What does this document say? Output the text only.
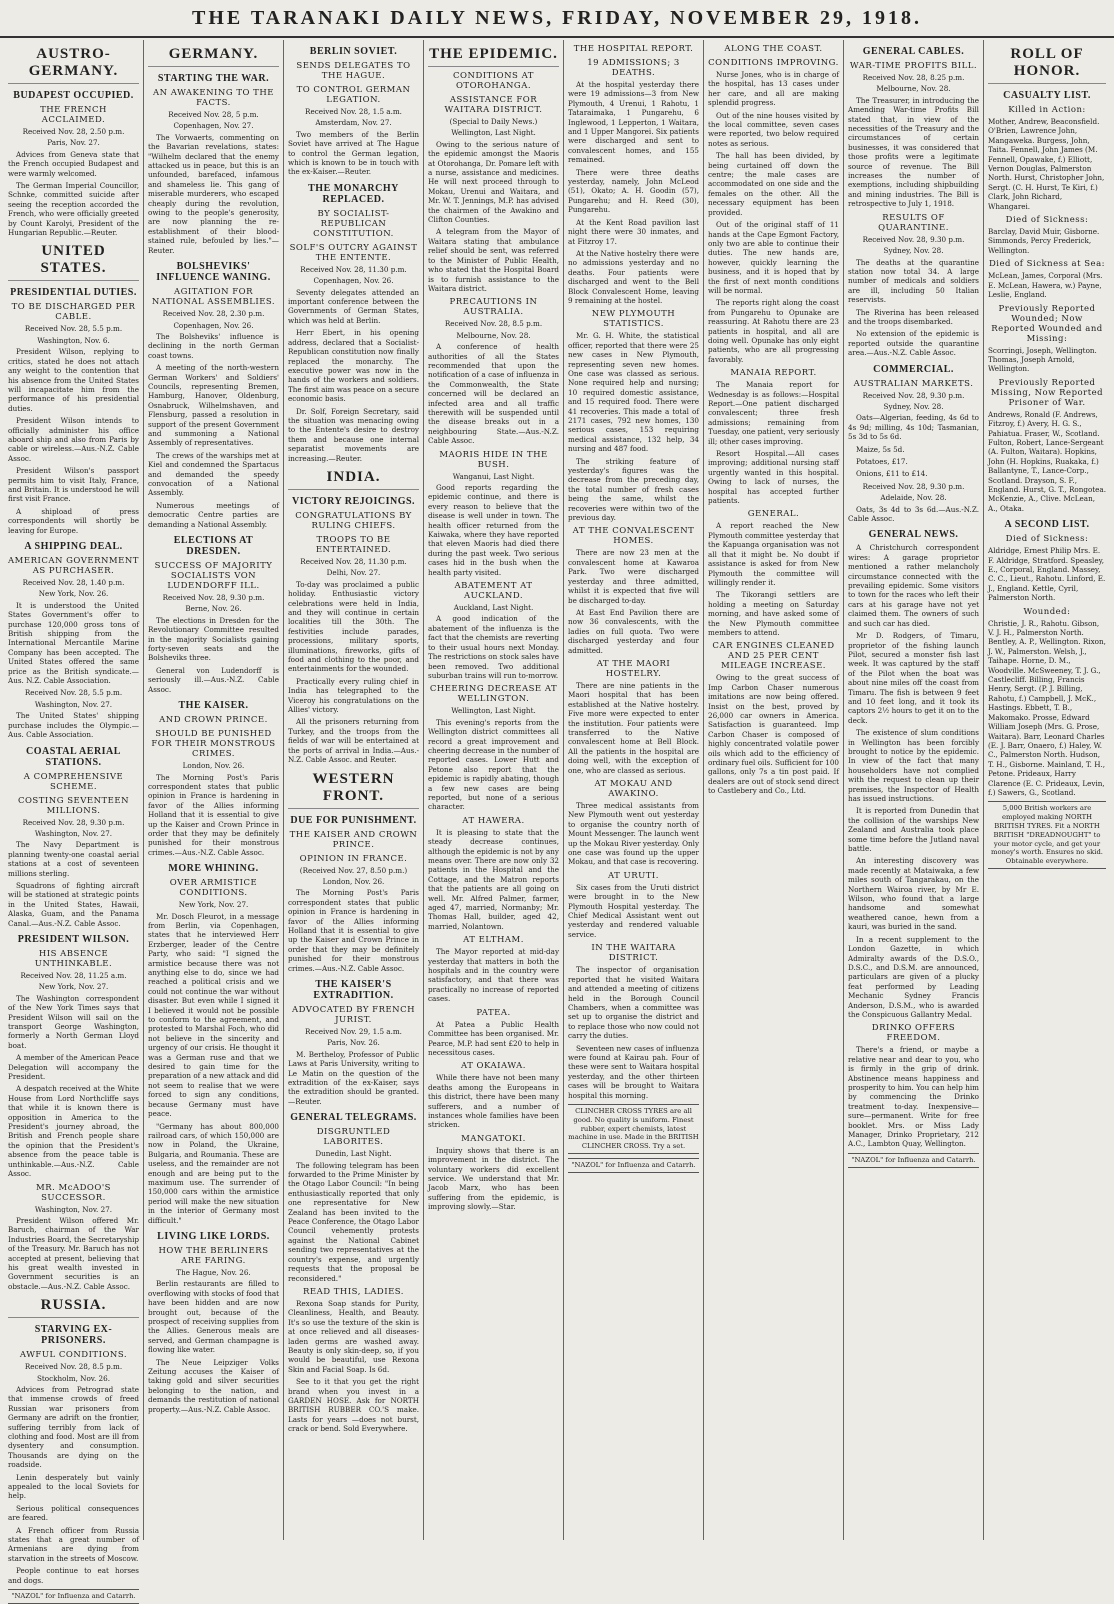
THE TARANAKI DAILY NEWS, FRIDAY, NOVEMBER 29, 1918.
AUSTRO-GERMANY.
BUDAPEST OCCUPIED.
THE FRENCH ACCLAIMED.
Received Nov. 28, 2.50 p.m.
Paris, Nov. 27.
Advices from Geneva state that the French occupied Budapest and were warmly welcomed.
The German Imperial Councillor, Schnke, committed suicide after seeing the reception accorded the French, who were officially greeted by Count Karolyi, President of the Hungarian Republic.—Reuter.
UNITED STATES.
PRESIDENTIAL DUTIES.
TO BE DISCHARGED PER CABLE.
Received Nov. 28, 5.5 p.m.
Washington, Nov. 6.
President Wilson, replying to critics, stated he does not attach any weight to the contention that his absence from the United States will incapacitate him from the performance of his presidential duties.
President Wilson intends to officially administer his office aboard ship and also from Paris by cable or wireless.—Aus.-N.Z. Cable Assoc.
President Wilson's passport permits him to visit Italy, France, and Britain. It is understood he will first visit France.
A shipload of press correspondents will shortly be leaving for Europe.
A SHIPPING DEAL.
AMERICAN GOVERNMENT AS PURCHASER.
Received Nov. 28, 1.40 p.m.
New York, Nov. 26.
It is understood the United States Government's offer to purchase 120,000 gross tons of British shipping from the International Mercantile Marine Company has been accepted. The United States offered the same price as the British syndicate.—Aus. N.Z. Cable Association.
Received Nov. 28, 5.5 p.m.
Washington, Nov. 27.
The United States' shipping purchase includes the Olympic.—Aus. Cable Association.
COASTAL AERIAL STATIONS.
A COMPREHENSIVE SCHEME.
COSTING SEVENTEEN MILLIONS.
Received Nov. 28, 9.30 p.m.
Washington, Nov. 27.
The Navy Department is planning twenty-one coastal aerial stations at a cost of seventeen millions sterling.
Squadrons of fighting aircraft will be stationed at strategic points in the United States, Hawaii, Alaska, Guam, and the Panama Canal.—Aus.-N.Z. Cable Assoc.
PRESIDENT WILSON.
HIS ABSENCE UNTHINKABLE.
Received Nov. 28, 11.25 a.m.
New York, Nov. 27.
The Washington correspondent of the New York Times says that President Wilson will sail on the transport George Washington, formerly a North German Lloyd boat.
A member of the American Peace Delegation will accompany the President.
A despatch received at the White House from Lord Northcliffe says that while it is known there is opposition in America to the President's journey abroad, the British and French people share the opinion that the President's absence from the peace table is unthinkable.—Aus.-N.Z. Cable Assoc.
MR. McADOO'S SUCCESSOR.
Washington, Nov. 27.
President Wilson offered Mr. Baruch, chairman of the War Industries Board, the Secretaryship of the Treasury. Mr. Baruch has not accepted at present, believing that his great wealth invested in Government securities is an obstacle.—Aus.-N.Z. Cable Assoc.
RUSSIA.
STARVING EX-PRISONERS.
AWFUL CONDITIONS.
Received Nov. 28, 8.5 p.m.
Stockholm, Nov. 26.
Advices from Petrograd state that immense crowds of freed Russian war prisoners from Germany are adrift on the frontier, suffering terribly from lack of clothing and food. Most are ill from dysentery and consumption. Thousands are dying on the roadside.
Lenin desperately but vainly appealed to the local Soviets for help.
Serious political consequences are feared.
A French officer from Russia states that a great number of Armenians are dying from starvation in the streets of Moscow.
People continue to eat horses and dogs.
"NAZOL" for Influenza and Catarrh.
GERMANY.
STARTING THE WAR.
AN AWAKENING TO THE FACTS.
Received Nov. 28, 5 p.m.
Copenhagen, Nov. 27.
The Vorwaerts, commenting on the Bavarian revelations, states: "Wilhelm declared that the enemy attacked us in peace, but this is an unfounded, barefaced, infamous and shameless lie. This gang of miserable murderers, who escaped cheaply during the revolution, owing to the people's generosity, are now planning the re-establishment of their blood-stained rule, befouled by lies."—Reuter.
BOLSHEVIKS' INFLUENCE WANING.
AGITATION FOR NATIONAL ASSEMBLIES.
Received Nov. 28, 2.30 p.m.
Copenhagen, Nov. 26.
The Bolsheviks' influence is declining in the north German coast towns.
A meeting of the north-western German Workers' and Soldiers' Councils, representing Bremen, Hamburg, Hanover, Oldenburg, Osnabruck, Wilhelmshaven, and Flensburg, passed a resolution in support of the present Government and summoning a National Assembly of representatives.
The crews of the warships met at Kiel and condemned the Spartacus and demanded the speedy convocation of a National Assembly.
Numerous meetings of democratic Centre parties are demanding a National Assembly.
ELECTIONS AT DRESDEN.
SUCCESS OF MAJORITY SOCIALISTS VON LUDENDORFF ILL.
Received Nov. 28, 9.30 p.m.
Berne, Nov. 26.
The elections in Dresden for the Revolutionary Committee resulted in the majority Socialists gaining forty-seven seats and the Bolsheviks three.
General von Ludendorff is seriously ill.—Aus.-N.Z. Cable Assoc.
THE KAISER.
AND CROWN PRINCE.
SHOULD BE PUNISHED FOR THEIR MONSTROUS CRIMES.
London, Nov. 26.
The Morning Post's Paris correspondent states that public opinion in France is hardening in favor of the Allies informing Holland that it is essential to give up the Kaiser and Crown Prince in order that they may be definitely punished for their monstrous crimes.—Aus.-N.Z. Cable Assoc.
MORE WHINING.
OVER ARMISTICE CONDITIONS.
New York, Nov. 27.
Mr. Dosch Fleurot, in a message from Berlin, via Copenhagen, states that he interviewed Herr Erzberger, leader of the Centre Party, who said: "I signed the armistice because there was not anything else to do, since we had reached a political crisis and we could not continue the war without disaster. But even while I signed it I believed it would not be possible to conform to the agreement, and protested to Marshal Foch, who did not believe in the sincerity and urgency of our crisis. He thought it was a German ruse and that we desired to gain time for the preparation of a new attack and did not seem to realise that we were forced to sign any conditions, because Germany must have peace.
"Germany has about 800,000 railroad cars, of which 150,000 are now in Poland, the Ukraine, Bulgaria, and Roumania. These are useless, and the remainder are not enough and are being put to the maximum use. The surrender of 150,000 cars within the armistice period will make the new situation in the interior of Germany most difficult."
LIVING LIKE LORDS.
HOW THE BERLINERS ARE FARING.
The Hague, Nov. 26.
Berlin restaurants are filled to overflowing with stocks of food that have been hidden and are now brought out, because of the prospect of receiving supplies from the Allies. Generous meals are served, and German champagne is flowing like water.
The Neue Leipziger Volks Zeitung accuses the Kaiser of taking gold and silver securities belonging to the nation, and demands the restitution of national property.—Aus.-N.Z. Cable Assoc.
BERLIN SOVIET.
SENDS DELEGATES TO THE HAGUE.
TO CONTROL GERMAN LEGATION.
Received Nov. 28, 1.5 a.m.
Amsterdam, Nov. 27.
Two members of the Berlin Soviet have arrived at The Hague to control the German legation, which is known to be in touch with the ex-Kaiser.—Reuter.
THE MONARCHY REPLACED.
BY SOCIALIST-REPUBLICAN CONSTITUTION.
SOLF'S OUTCRY AGAINST THE ENTENTE.
Received Nov. 28, 11.30 p.m.
Copenhagen, Nov. 26.
Seventy delegates attended an important conference between the Governments of German States, which was held at Berlin.
Herr Ebert, in his opening address, declared that a Socialist-Republican constitution now finally replaced the monarchy. The executive power was now in the hands of the workers and soldiers. The first aim was peace on a secure economic basis.
Dr. Solf, Foreign Secretary, said the situation was menacing owing to the Entente's desire to destroy them and because one internal separatist movements are increasing.—Reuter.
INDIA.
VICTORY REJOICINGS.
CONGRATULATIONS BY RULING CHIEFS.
TROOPS TO BE ENTERTAINED.
Received Nov. 28, 11.30 p.m.
Delhi, Nov. 27.
To-day was proclaimed a public holiday. Enthusiastic victory celebrations were held in India, and they will continue in certain localities till the 30th. The festivities include parades, processions, military sports, illuminations, fireworks, gifts of food and clothing to the poor, and entertainments for the wounded.
Practically every ruling chief in India has telegraphed to the Viceroy his congratulations on the Allies' victory.
All the prisoners returning from Turkey, and the troops from the fields of war will be entertained at the ports of arrival in India.—Aus.-N.Z. Cable Assoc. and Reuter.
WESTERN FRONT.
DUE FOR PUNISHMENT.
THE KAISER AND CROWN PRINCE.
OPINION IN FRANCE.
(Received Nov. 27, 8.50 p.m.)
London, Nov. 26.
The Morning Post's Paris correspondent states that public opinion in France is hardening in favor of the Allies informing Holland that it is essential to give up the Kaiser and Crown Prince in order that they may be definitely punished for their monstrous crimes.—Aus.-N.Z. Cable Assoc.
THE KAISER'S EXTRADITION.
ADVOCATED BY FRENCH JURIST.
Received Nov. 29, 1.5 a.m.
Paris, Nov. 26.
M. Bertheloy, Professor of Public Laws at Paris University, writing to Le Matin on the question of the extradition of the ex-Kaiser, says the extradition should be granted.—Reuter.
GENERAL TELEGRAMS.
DISGRUNTLED LABORITES.
Dunedin, Last Night.
The following telegram has been forwarded to the Prime Minister by the Otago Labor Council: "In being enthusiastically reported that only one representative for New Zealand has been invited to the Peace Conference, the Otago Labor Council vehemently protests against the National Cabinet sending two representatives at the country's expense, and urgently requests that the proposal be reconsidered."
READ THIS, LADIES.
Rexona Soap stands for Purity, Cleanliness, Health, and Beauty. It's so use the texture of the skin is at once relieved and all diseases-laden germs are washed away. Beauty is only skin-deep, so, if you would be beautiful, use Rexona Skin and Facial Soap. Is 6d.
See to it that you get the right brand when you invest in a GARDEN HOSE. Ask for NORTH BRITISH RUBBER CO.'S make. Lasts for years —does not burst, crack or bend. Sold Everywhere.
THE EPIDEMIC.
CONDITIONS AT OTOROHANGA.
ASSISTANCE FOR WAITARA DISTRICT.
(Special to Daily News.)
Wellington, Last Night.
Owing to the serious nature of the epidemic amongst the Maoris at Otorohanga, Dr. Pomare left with a nurse, assistance and medicines. He will next proceed through to Mokau, Urenui and Waitara, and Mr. W. T. Jennings, M.P. has advised the chairmen of the Awakino and Clifton Counties.
A telegram from the Mayor of Waitara stating that ambulance relief should be sent, was referred to the Minister of Public Health, who stated that the Hospital Board is to furnish assistance to the Waitara district.
PRECAUTIONS IN AUSTRALIA.
Received Nov. 28, 8.5 p.m.
Melbourne, Nov. 28.
A conference of health authorities of all the States recommended that upon the notification of a case of influenza in the Commonwealth, the State concerned will be declared an infected area and all traffic therewith will be suspended until the disease breaks out in a neighbouring State.—Aus.-N.Z. Cable Assoc.
MAORIS HIDE IN THE BUSH.
Wanganui, Last Night.
Good reports regarding the epidemic continue, and there is every reason to believe that the disease is well under in town. The health officer returned from the Kaiwaka, where they have reported that eleven Maoris had died there during the past week. Two serious cases hid in the bush when the health party visited.
ABATEMENT AT AUCKLAND.
Auckland, Last Night.
A good indication of the abatement of the influenza is the fact that the chemists are reverting to their usual hours next Monday. The restrictions on stock sales have been removed. Two additional suburban trains will run to-morrow.
CHEERING DECREASE AT WELLINGTON.
Wellington, Last Night.
This evening's reports from the Wellington district committees all record a great improvement and cheering decrease in the number of reported cases. Lower Hutt and Petone also report that the epidemic is rapidly abating, though a few new cases are being reported, but none of a serious character.
AT HAWERA.
It is pleasing to state that the steady decrease continues, although the epidemic is not by any means over. There are now only 32 patients in the Hospital and the Cottage, and the Matron reports that the patients are all going on well. Mr. Alfred Palmer, farmer, aged 47, married, Normanby; Mr. Thomas Hall, builder, aged 42, married, Nolantown.
AT ELTHAM.
The Mayor reported at mid-day yesterday that matters in both the hospitals and in the country were satisfactory, and that there was practically no increase of reported cases.
PATEA.
At Patea a Public Health Committee has been organised. Mr. Pearce, M.P. had sent £20 to help in necessitous cases.
AT OKAIAWA.
While there have not been many deaths among the Europeans in this district, there have been many sufferers, and a number of instances whole families have been stricken.
MANGATOKI.
Inquiry shows that there is an improvement in the district. The voluntary workers did excellent service. We understand that Mr. Jacob Marx, who has been suffering from the epidemic, is improving slowly.—Star.
THE HOSPITAL REPORT.
19 ADMISSIONS; 3 DEATHS.
At the hospital yesterday there were 19 admissions—3 from New Plymouth, 4 Urenui, 1 Rahotu, 1 Tataraimaka, 1 Pungarehu, 6 Inglewood, 1 Lepperton, 1 Waitara, and 1 Upper Mangorei. Six patients were discharged and sent to convalescent homes, and 155 remained.
There were three deaths yesterday, namely, John McLeod (51), Okato; A. H. Goodin (57), Pungarehu; and H. Reed (30), Pungarehu.
At the Kent Road pavilion last night there were 30 inmates, and at Fitzroy 17.
At the Native hostelry there were no admissions yesterday and no deaths. Four patients were discharged and went to the Bell Block Convalescent Home, leaving 9 remaining at the hostel.
NEW PLYMOUTH STATISTICS.
Mr. G. H. White, the statistical officer, reported that there were 25 new cases in New Plymouth, representing seven new homes. One case was classed as serious. None required help and nursing; 10 required domestic assistance, and 15 required food. There were 41 recoveries. This made a total of 2171 cases, 792 new homes, 130 serious cases, 153 requiring medical assistance, 132 help, 34 nursing and 487 food.
The striking feature of yesterday's figures was the decrease from the preceding day, the total number of fresh cases being the same, whilst the recoveries were within two of the previous day.
AT THE CONVALESCENT HOMES.
There are now 23 men at the convalescent home at Kawaroa Park. Two were discharged yesterday and three admitted, whilst it is expected that five will be discharged to-day.
At East End Pavilion there are now 36 convalescents, with the ladies on full quota. Two were discharged yesterday and four admitted.
AT THE MAORI HOSTELRY.
There are nine patients in the Maori hospital that has been established at the Native hostelry. Five more were expected to enter the institution. Four patients were transferred to the Native convalescent home at Bell Block. All the patients in the hospital are doing well, with the exception of one, who are classed as serious.
AT MOKAU AND AWAKINO.
Three medical assistants from New Plymouth went out yesterday to organise the country north of Mount Messenger. The launch went up the Mokau River yesterday. Only one case was found up the upper Mokau, and that case is recovering.
AT URUTI.
Six cases from the Uruti district were brought in to the New Plymouth Hospital yesterday. The Chief Medical Assistant went out yesterday and rendered valuable service.
IN THE WAITARA DISTRICT.
The inspector of organisation reported that he visited Waitara and attended a meeting of citizens held in the Borough Council Chambers, when a committee was set up to organise the district and to replace those who now could not carry the duties.
Seventeen new cases of influenza were found at Kairau pah. Four of these were sent to Waitara hospital yesterday, and the other thirteen cases will be brought to Waitara hospital this morning.
CLINCHER CROSS TYRES are all good. No quality is uniform. Finest rubber, expert chemists, latest machine in use. Made in the BRITISH CLINCHER CROSS. Try a set.
"NAZOL" for Influenza and Catarrh.
ALONG THE COAST.
CONDITIONS IMPROVING.
Nurse Jones, who is in charge of the hospital, has 13 cases under her care, and all are making splendid progress.
Out of the nine houses visited by the local committee, seven cases were reported, two below required notes as serious.
The hall has been divided, by being curtained off down the centre; the male cases are accommodated on one side and the females on the other. All the necessary equipment has been provided.
Out of the original staff of 11 hands at the Cape Egmont Factory, only two are able to continue their duties. The new hands are, however, quickly learning the business, and it is hoped that by the first of next month conditions will be normal.
The reports right along the coast from Pungarehu to Opunake are reassuring. At Rahotu there are 23 patients in hospital, and all are doing well. Opunake has only eight patients, who are all progressing favorably.
MANAIA REPORT.
The Manaia report for Wednesday is as follows:—Hospital Report.—One patient discharged convalescent; three fresh admissions; remaining from Tuesday, one patient, very seriously ill; other cases improving.
Resort Hospital.—All cases improving; additional nursing staff urgently wanted in this hospital. Owing to lack of nurses, the hospital has accepted further patients.
GENERAL.
A report reached the New Plymouth committee yesterday that the Kapuanga organisation was not all that it might be. No doubt if assistance is asked for from New Plymouth the committee will willingly render it.
The Tikorangi settlers are holding a meeting on Saturday morning, and have asked some of the New Plymouth committee members to attend.
CAR ENGINES CLEANED AND 25 PER CENT MILEAGE INCREASE.
Owing to the great success of Imp Carbon Chaser numerous imitations are now being offered. Insist on the best, proved by 26,000 car owners in America. Satisfaction is guaranteed. Imp Carbon Chaser is composed of highly concentrated volatile power oils which add to the efficiency of ordinary fuel oils. Sufficient for 100 gallons, only 7s a tin post paid. If dealers are out of stock send direct to Castlebery and Co., Ltd.
GENERAL CABLES.
WAR-TIME PROFITS BILL.
Received Nov. 28, 8.25 p.m.
Melbourne, Nov. 28.
The Treasurer, in introducing the Amending War-time Profits Bill stated that, in view of the necessities of the Treasury and the circumstances of certain businesses, it was considered that those profits were a legitimate source of revenue. The Bill increases the number of exemptions, including shipbuilding and mining industries. The Bill is retrospective to July 1, 1918.
RESULTS OF QUARANTINE.
Received Nov. 28, 9.30 p.m.
Sydney, Nov. 28.
The deaths at the quarantine station now total 34. A large number of medicals and soldiers are ill, including 50 Italian reservists.
The Riverina has been released and the troops disembarked.
No extension of the epidemic is reported outside the quarantine area.—Aus.-N.Z. Cable Assoc.
COMMERCIAL.
AUSTRALIAN MARKETS.
Received Nov. 28, 9.30 p.m.
Sydney, Nov. 28.
Oats—Algerian, feeding, 4s 6d to 4s 9d; milling, 4s 10d; Tasmanian, 5s 3d to 5s 6d.
Maize, 5s 5d.
Potatoes, £17.
Onions, £11 to £14.
Received Nov. 28, 9.30 p.m.
Adelaide, Nov. 28.
Oats, 3s 4d to 3s 6d.—Aus.-N.Z. Cable Assoc.
GENERAL NEWS.
A Christchurch correspondent wires: A garage proprietor mentioned a rather melancholy circumstance connected with the prevailing epidemic. Some visitors to town for the races who left their cars at his garage have not yet claimed them. The owners of such and such car has died.
Mr D. Rodgers, of Timaru, proprietor of the fishing launch Pilot, secured a monster fish last week. It was captured by the staff of the Pilot when the boat was about nine miles off the coast from Timaru. The fish is between 9 feet and 10 feet long, and it took its captors 2½ hours to get it on to the deck.
The existence of slum conditions in Wellington has been forcibly brought to notice by the epidemic. In view of the fact that many householders have not complied with the request to clean up their premises, the Inspector of Health has issued instructions.
It is reported from Dunedin that the collision of the warships New Zealand and Australia took place some time before the Jutland naval battle.
An interesting discovery was made recently at Mataiwaka, a few miles south of Tangarakau, on the Northern Wairoa river, by Mr E. Wilson, who found that a large handsome and somewhat weathered canoe, hewn from a kauri, was buried in the sand.
In a recent supplement to the London Gazette, in which Admiralty awards of the D.S.O., D.S.C., and D.S.M. are announced, particulars are given of a plucky feat performed by Leading Mechanic Sydney Francis Anderson, D.S.M., who is awarded the Conspicuous Gallantry Medal.
DRINKO OFFERS FREEDOM.
There's a friend, or maybe a relative near and dear to you, who is firmly in the grip of drink. Abstinence means happiness and prosperity to him. You can help him by commencing the Drinko treatment to-day. Inexpensive—sure—permanent. Write for free booklet. Mrs. or Miss Lady Manager, Drinko Proprietary, 212 A.C., Lambton Quay, Wellington.
"NAZOL" for Influenza and Catarrh.
ROLL OF HONOR.
CASUALTY LIST.
Killed in Action:
Mother, Andrew, Beaconsfield. O'Brien, Lawrence John, Mangaweka. Burgess, John, Taita. Fennell, John James (M. Fennell, Opawake, f.) Elliott, Vernon Douglas, Palmerston North. Hurst, Christopher John, Sergt. (C. H. Hurst, Te Kiri, f.) Clark, John Richard, Whangarei.
Died of Sickness:
Barclay, David Muir, Gisborne. Simmonds, Percy Frederick, Wellington.
Died of Sickness at Sea:
McLean, James, Corporal (Mrs. E. McLean, Hawera, w.) Payne, Leslie, England.
Previously Reported Wounded; Now Reported Wounded and Missing:
Scorringi, Joseph, Wellington. Thomas, Joseph Arnold, Wellington.
Previously Reported Missing, Now Reported Prisoner of War.
Andrews, Ronald (F. Andrews, Fitzroy, f.) Avery, H. G. S., Pahiatua. Fraser, W., Scotland. Fulton, Robert, Lance-Sergeant (A. Fulton, Waitara). Hopkins, John (H. Hopkins, Ruakaka, f.) Ballantyne, T., Lance-Corp., Scotland. Drayson, S. F., England. Hurst, G. T., Rongotea. McKenzie, A., Clive. McLean, A., Otaka.
A SECOND LIST.
Died of Sickness:
Aldridge, Ernest Philip Mrs. E. F. Aldridge, Stratford. Speasley, E., Corporal, England. Massey, C. C., Lieut., Rahotu. Linford, E. J., England. Kettle, Cyril, Palmerston North.
Wounded:
Christie, J. R., Rahotu. Gibson, V. J. H., Palmerston North. Bentley, A. P., Wellington. Rixon, J. W., Palmerston. Welsh, J., Taihape. Horne, D. M., Woodville. McSweeney, T. J. G., Castlecliff. Billing, Francis Henry, Sergt. (P. J. Billing, Rahotu, f.) Campbell, J. McK., Hastings. Ebbett, T. B., Makomako. Prosse, Edward William Joseph (Mrs. G. Prose, Waitara). Barr, Leonard Charles (E. J. Barr, Onaero, f.) Haley, W. C., Palmerston North. Hudson, T. H., Gisborne. Mainland, T. H., Petone. Prideaux, Harry Clarence (E. C. Prideaux, Levin, f.) Sawers, G., Scotland.
5,000 British workers are employed making NORTH BRITISH TYRES. Fit a NORTH BRITISH "DREADNOUGHT" to your motor cycle, and get your money's worth. Ensures no skid. Obtainable everywhere.
